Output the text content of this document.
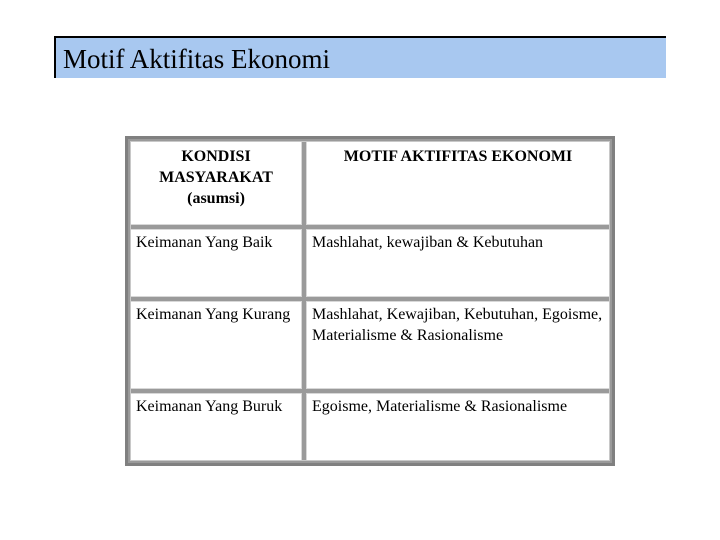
Motif Aktifitas Ekonomi
KONDISI MASYARAKAT (asumsi)	MOTIF AKTIFITAS EKONOMI
Keimanan Yang Baik	Mashlahat, kewajiban & Kebutuhan
Keimanan Yang Kurang	Mashlahat, Kewajiban, Kebutuhan, Egoisme, Materialisme & Rasionalisme
Keimanan Yang Buruk	Egoisme, Materialisme & Rasionalisme
